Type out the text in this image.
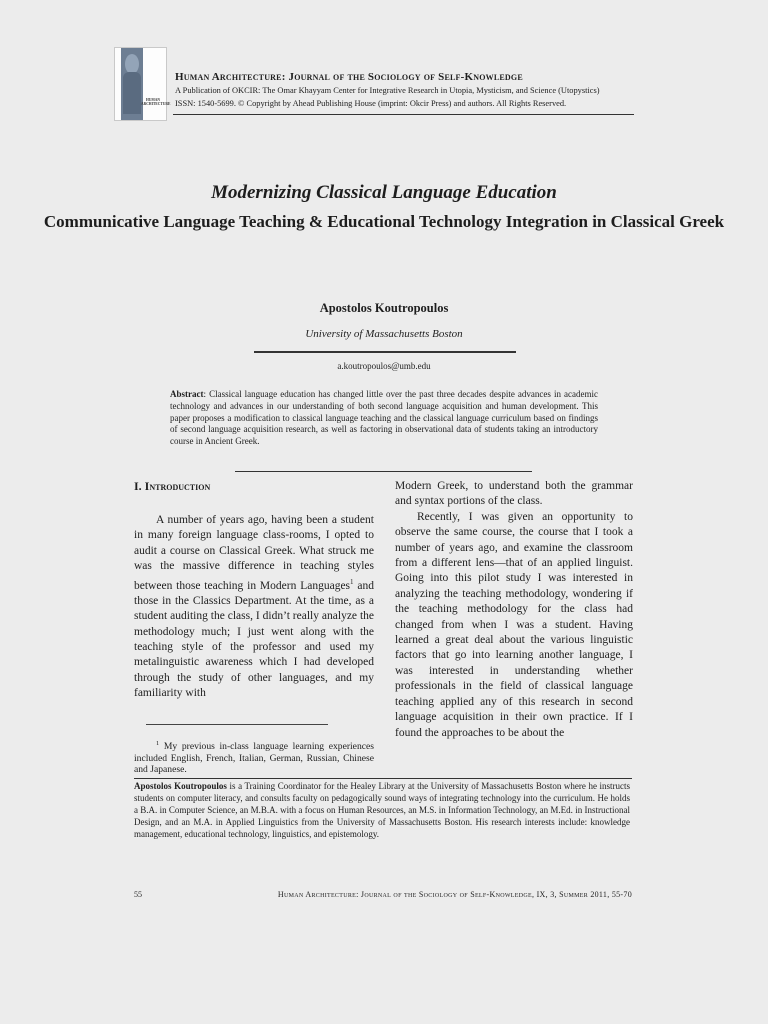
HUMAN ARCHITECTURE
Human Architecture: Journal of the Sociology of Self-Knowledge
A Publication of OKCIR: The Omar Khayyam Center for Integrative Research in Utopia, Mysticism, and Science (Utopystics)
ISSN: 1540-5699. © Copyright by Ahead Publishing House (imprint: Okcir Press) and authors. All Rights Reserved.
Modernizing Classical Language Education
Communicative Language Teaching & Educational Technology Integration in Classical Greek
Apostolos Koutropoulos
University of Massachusetts Boston
a.koutropoulos@umb.edu
Abstract: Classical language education has changed little over the past three decades despite advances in academic technology and advances in our understanding of both second language acquisition and human development. This paper proposes a modification to classical language teaching and the classical language curriculum based on findings of second language acquisition research, as well as factoring in observational data of students taking an introductory course in Ancient Greek.
I. Introduction

A number of years ago, having been a student in many foreign language class-rooms, I opted to audit a course on Classical Greek. What struck me was the massive difference in teaching styles between those teaching in Modern Languages$^1$ and those in the Classics Department. At the time, as a student auditing the class, I didn’t really analyze the methodology much; I just went along with the teaching style of the professor and used my metalinguistic awareness which I had developed through the study of other languages, and my familiarity with

$^1$ My previous in-class language learning experiences included English, French, Italian, German, Russian, Chinese and Japanese.

Modern Greek, to understand both the grammar and syntax portions of the class.

Recently, I was given an opportunity to observe the same course, the course that I took a number of years ago, and examine the classroom from a different lens—that of an applied linguist. Going into this pilot study I was interested in analyzing the teaching methodology, wondering if the teaching methodology for the class had changed from when I was a student. Having learned a great deal about the various linguistic factors that go into learning another language, I was interested in understanding whether professionals in the field of classical language teaching applied any of this research in second language acquisition in their own practice. If I found the approaches to be about the

Apostolos Koutropoulos is a Training Coordinator for the Healey Library at the University of Massachusetts Boston where he instructs students on computer literacy, and consults faculty on pedagogically sound ways of integrating technology into the curriculum. He holds a B.A. in Computer Science, an M.B.A. with a focus on Human Resources, an M.S. in Information Technology, an M.Ed. in Instructional Design, and an M.A. in Applied Linguistics from the University of Massachusetts Boston. His research interests include: knowledge management, educational technology, linguistics, and epistemology.
55	Human Architecture: Journal of the Sociology of Self-Knowledge, IX, 3, Summer 2011, 55-70
